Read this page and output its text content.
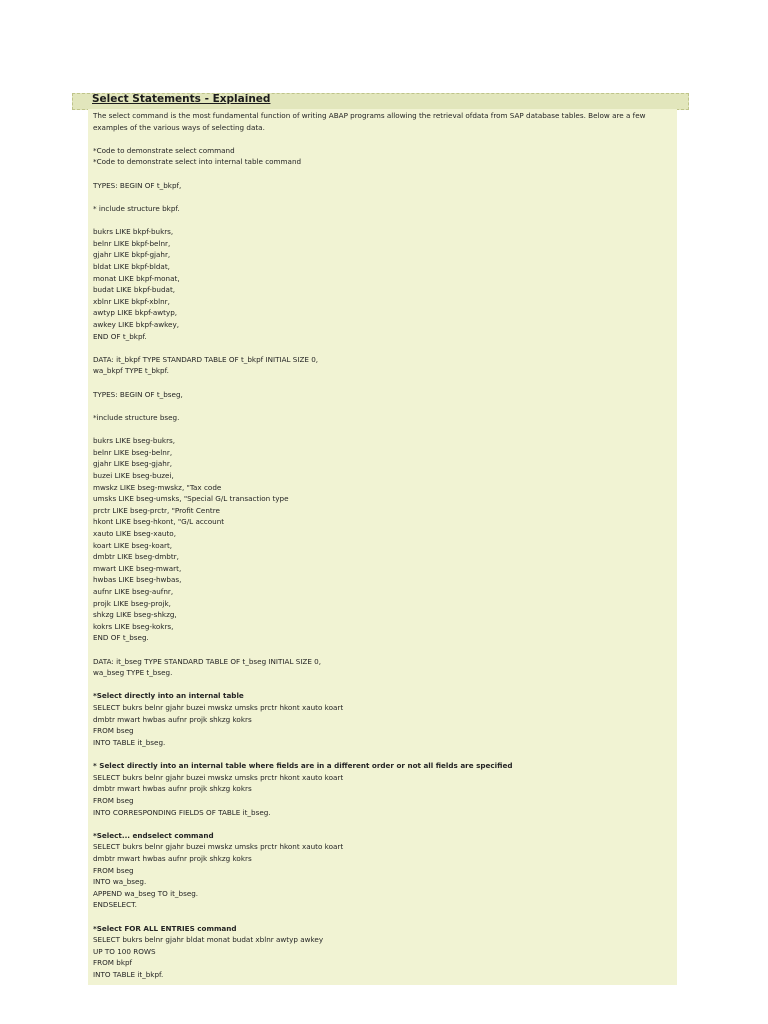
Select Statements - Explained
The select command is the most fundamental function of writing ABAP programs allowing the retrieval ofdata from SAP database tables. Below are a few
examples of the various ways of selecting data.
*Code to demonstrate select command
*Code to demonstrate select into internal table command
TYPES: BEGIN OF t_bkpf,
* include structure bkpf.
bukrs LIKE bkpf-bukrs,
belnr LIKE bkpf-belnr,
gjahr LIKE bkpf-gjahr,
bldat LIKE bkpf-bldat,
monat LIKE bkpf-monat,
budat LIKE bkpf-budat,
xblnr LIKE bkpf-xblnr,
awtyp LIKE bkpf-awtyp,
awkey LIKE bkpf-awkey,
END OF t_bkpf.
DATA: it_bkpf TYPE STANDARD TABLE OF t_bkpf INITIAL SIZE 0,
wa_bkpf TYPE t_bkpf.
TYPES: BEGIN OF t_bseg,
*include structure bseg.
bukrs LIKE bseg-bukrs,
belnr LIKE bseg-belnr,
gjahr LIKE bseg-gjahr,
buzei LIKE bseg-buzei,
mwskz LIKE bseg-mwskz, "Tax code
umsks LIKE bseg-umsks, "Special G/L transaction type
prctr LIKE bseg-prctr, "Profit Centre
hkont LIKE bseg-hkont, "G/L account
xauto LIKE bseg-xauto,
koart LIKE bseg-koart,
dmbtr LIKE bseg-dmbtr,
mwart LIKE bseg-mwart,
hwbas LIKE bseg-hwbas,
aufnr LIKE bseg-aufnr,
projk LIKE bseg-projk,
shkzg LIKE bseg-shkzg,
kokrs LIKE bseg-kokrs,
END OF t_bseg.
DATA: it_bseg TYPE STANDARD TABLE OF t_bseg INITIAL SIZE 0,
wa_bseg TYPE t_bseg.
*Select directly into an internal table
SELECT bukrs belnr gjahr buzei mwskz umsks prctr hkont xauto koart
dmbtr mwart hwbas aufnr projk shkzg kokrs
FROM bseg
INTO TABLE it_bseg.
* Select directly into an internal table where fields are in a different order or not all fields are specified
SELECT bukrs belnr gjahr buzei mwskz umsks prctr hkont xauto koart
dmbtr mwart hwbas aufnr projk shkzg kokrs
FROM bseg
INTO CORRESPONDING FIELDS OF TABLE it_bseg.
*Select... endselect command
SELECT bukrs belnr gjahr buzei mwskz umsks prctr hkont xauto koart
dmbtr mwart hwbas aufnr projk shkzg kokrs
FROM bseg
INTO wa_bseg.
APPEND wa_bseg TO it_bseg.
ENDSELECT.
*Select FOR ALL ENTRIES command
SELECT bukrs belnr gjahr bldat monat budat xblnr awtyp awkey
UP TO 100 ROWS
FROM bkpf
INTO TABLE it_bkpf.
